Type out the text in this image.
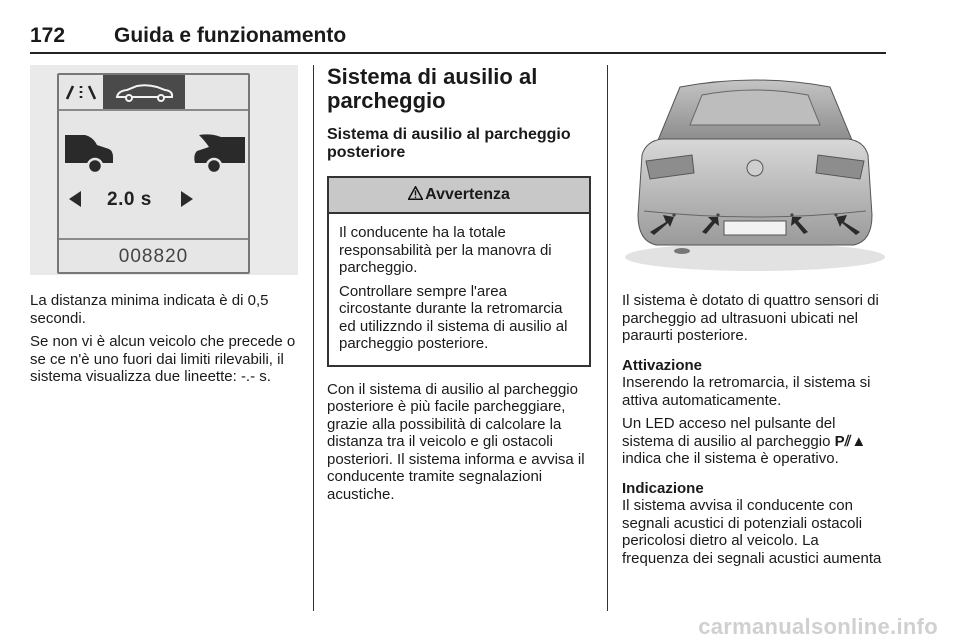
172 Guida e funzionamento
2.0 s
008820

La distanza minima indicata è di 0,5 secondi.

Se non vi è alcun veicolo che precede o se ce n'è uno fuori dai limiti rilevabili, il sistema visualizza due lineette: -.- s.

Sistema di ausilio al parcheggio
Sistema di ausilio al parcheggio posteriore
Avvertenza

Il conducente ha la totale responsabilità per la manovra di parcheggio.

Controllare sempre l'area circostante durante la retromarcia ed utilizzndo il sistema di ausilio al parcheggio posteriore.

Con il sistema di ausilio al parcheggio posteriore è più facile parcheggiare, grazie alla possibilità di calcolare la distanza tra il veicolo e gli ostacoli posteriori. Il sistema informa e avvisa il conducente tramite segnalazioni acustiche.

Il sistema è dotato di quattro sensori di parcheggio ad ultrasuoni ubicati nel paraurti posteriore.

Attivazione

Inserendo la retromarcia, il sistema si attiva automaticamente.

Un LED acceso nel pulsante del sistema di ausilio al parcheggio P⫽▲ indica che il sistema è operativo.

Indicazione

Il sistema avvisa il conducente con segnali acustici di potenziali ostacoli pericolosi dietro al veicolo. La frequenza dei segnali acustici aumenta

carmanualsonline.info
